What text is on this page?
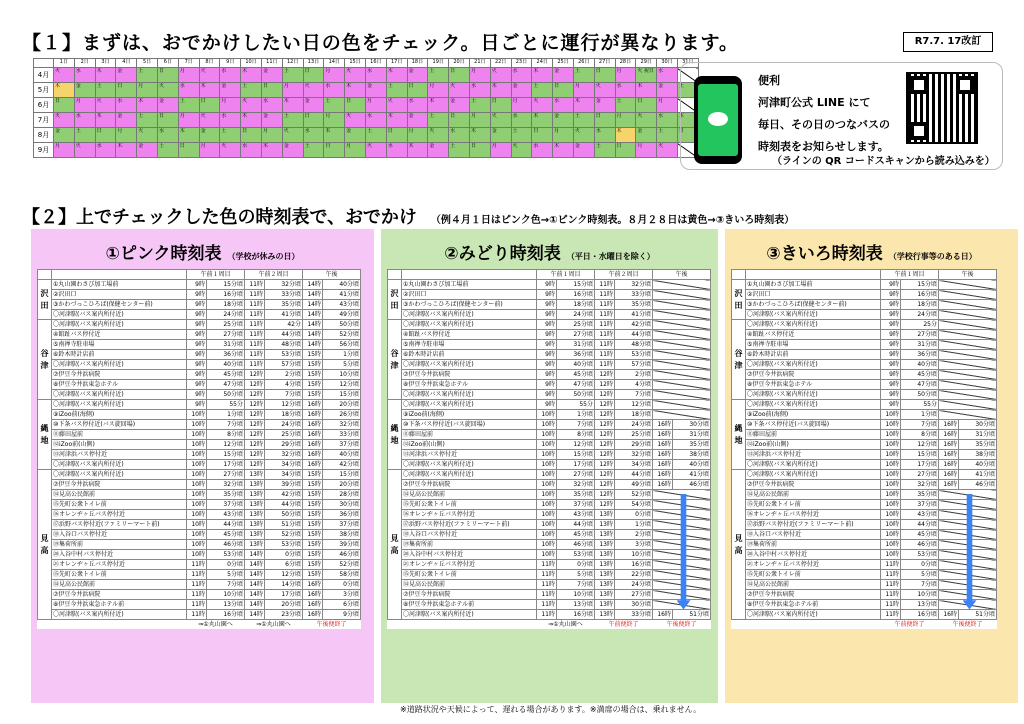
【１】まずは、おでかけしたい日の色をチェック。日ごとに運行が異なります。	R7.7. 17改訂
	1日	2日	3日	4日	5日	6日	7日	8日	9日	10日	11日	12日	13日	14日	15日	16日	17日	18日	19日	20日	21日	22日	23日	24日	25日	26日	27日	28日	29日	30日	31日
4月	火	水	木	金	土	日	月	火	水	木	金	土	日	月	火	水	木	金	土	日	月	火	水	木	金	土	日	月	火 祝日	水	
5月	木	金	土	日	月	火	水	木	金	土	日	月	火	水	木	金	土	日	月	火	水	木	金	土	日	月	火	水	木	金	土
6月	日	月	火	水	木	金	土	日	月	火	水	木	金	土	日	月	火	水	木	金	土	日	月	火	水	木	金	土	日	月	
7月	火	水	木	金	土	日	月	火	水	木	金	土	日	月	火	水	木	金	土	日	月	火	水	木	金	土	日	月	火	水	木
8月	金	土	日	月	火	水	木	金	土	日	月	火	水	木	金	土	日	月	火	水	木	金	土	日	月	火	水	木	金	土	日
9月	月	火	水	木	金	土	日	月	火	水	木	金	土	日	月	火	水	木	金	土	日	月	火	水	木	金	土	日	月	火	
便利
河津町公式 LINE にて
毎日、その日のつなバスの
時刻表をお知らせします。
（ラインの QR コードスキャンから読み込みを）
【２】上でチェックした色の時刻表で、おでかけ （例４月１日はピンク色→①ピンク時刻表。８月２８日は黄色→③きいろ時刻表）
①ピンク時刻表 （学校が休みの日）
		午前１周目		午前２周目		午後	
沢田	①丸山園わさび加工場前	9時	15分頃	11時	32分頃	14時	40分頃
	②沢田口	9時	16分頃	11時	33分頃	14時	41分頃
	③かわづっこひろば(保健センター前)	9時	18分頃	11時	35分頃	14時	43分頃
	〇河津駅(バス案内所付近)	9時	24分頃	11時	41分頃	14時	49分頃
谷津	〇河津駅(バス案内所付近)	9時	25分頃	11時	42分	14時	50分頃
	④館趾バス停付近	9時	27分頃	11時	44分頃	14時	52分頃
	⑤南禅寺駐車場	9時	31分頃	11時	48分頃	14時	56分頃
	⑥鈴木時計店前	9時	36分頃	11時	53分頃	15時	1分頃
	〇河津駅(バス案内所付近)	9時	40分頃	11時	57分頃	15時	5分頃
	⑦伊豆今井浜病院	9時	45分頃	12時	2分頃	15時	10分頃
	⑧伊豆今井浜東急ホテル	9時	47分頃	12時	4分頃	15時	12分頃
	〇河津駅(バス案内所付近)	9時	50分頃	12時	7分頃	15時	15分頃
縄地	〇河津駅(バス案内所付近)	9時	55分	12時	12分頃	16時	20分頃
	⑨iZoo前(海側)	10時	1分頃	12時	18分頃	16時	26分頃
	⑩下条バス停付近(バス旋回場)	10時	7分頃	12時	24分頃	16時	32分頃
	⑪藤田屋前	10時	8分頃	12時	25分頃	16時	33分頃
	⑫iZoo前(山側)	10時	12分頃	12時	29分頃	16時	37分頃
	⑬河津浜バス停付近	10時	15分頃	12時	32分頃	16時	40分頃
	〇河津駅(バス案内所付近)	10時	17分頃	12時	34分頃	16時	42分頃
見高	〇河津駅(バス案内所付近)	10時	27分頃	13時	34分頃	15時	15分頃
	⑦伊豆今井浜病院	10時	32分頃	13時	39分頃	15時	20分頃
	⑭見高公民館前	10時	35分頃	13時	42分頃	15時	28分頃
	⑮先町公衆トイレ前	10時	37分頃	13時	44分頃	15時	30分頃
	⑯オレンヂヶ丘バス停付近	10時	43分頃	13時	50分頃	15時	36分頃
	⑰浜野バス停付近(ファミリーマート前)	10時	44分頃	13時	51分頃	15時	37分頃
	⑱入谷口バス停付近	10時	45分頃	13時	52分頃	15時	38分頃
	⑲集荷所前	10時	46分頃	13時	53分頃	15時	39分頃
	⑳入谷中村バス停付近	10時	53分頃	14時	0分頃	15時	46分頃
	㉑オレンヂヶ丘バス停付近	11時	0分頃	14時	6分頃	15時	52分頃
	⑮先町公衆トイレ前	11時	5分頃	14時	12分頃	15時	58分頃
	⑭見高公民館前	11時	7分頃	14時	14分頃	16時	0分頃
	⑦伊豆今井浜病院	11時	10分頃	14時	17分頃	16時	3分頃
	⑧伊豆今井浜東急ホテル前	11時	13分頃	14時	20分頃	16時	6分頃
	〇河津駅(バス案内所付近)	11時	16分頃	14時	23分頃	16時	9分頃
		⇒①丸山園へ		⇒①丸山園へ		午後便終了	
②みどり時刻表 （平日・水曜日を除く）
		午前１周目		午前２周目		午後	
沢田	①丸山園わさび加工場前	9時	15分頃	11時	32分頃		
	②沢田口	9時	16分頃	11時	33分頃		
	③かわづっこひろば(保健センター前)	9時	18分頃	11時	35分頃		
	〇河津駅(バス案内所付近)	9時	24分頃	11時	41分頃		
谷津	〇河津駅(バス案内所付近)	9時	25分頃	11時	42分頃		
	④館趾バス停付近	9時	27分頃	11時	44分頃		
	⑤南禅寺駐車場	9時	31分頃	11時	48分頃		
	⑥鈴木時計店前	9時	36分頃	11時	53分頃		
	〇河津駅(バス案内所付近)	9時	40分頃	11時	57分頃		
	⑦伊豆今井浜病院	9時	45分頃	12時	2分頃		
	⑧伊豆今井浜東急ホテル	9時	47分頃	12時	4分頃		
	〇河津駅(バス案内所付近)	9時	50分頃	12時	7分頃		
縄地	〇河津駅(バス案内所付近)	9時	55分	12時	12分頃		
	⑨iZoo前(海側)	10時	1分頃	12時	18分頃		
	⑩下条バス停付近(バス旋回場)	10時	7分頃	12時	24分頃	16時	30分頃
	⑪藤田屋前	10時	8分頃	12時	25分頃	16時	31分頃
	⑫iZoo前(山側)	10時	12分頃	12時	29分頃	16時	35分頃
	⑬河津浜バス停付近	10時	15分頃	12時	32分頃	16時	38分頃
	〇河津駅(バス案内所付近)	10時	17分頃	12時	34分頃	16時	40分頃
見高	〇河津駅(バス案内所付近)	10時	27分頃	12時	44分頃	16時	41分頃
	⑦伊豆今井浜病院	10時	32分頃	12時	49分頃	16時	46分頃
	⑭見高公民館前	10時	35分頃	12時	52分頃		
	⑮先町公衆トイレ前	10時	37分頃	12時	54分頃		
	⑯オレンヂヶ丘バス停付近	10時	43分頃	13時	0分頃		
	⑰浜野バス停付近(ファミリーマート前)	10時	44分頃	13時	1分頃		
	⑱入谷口バス停付近	10時	45分頃	13時	2分頃		
	⑲集荷所前	10時	46分頃	13時	3分頃		
	⑳入谷中村バス停付近	10時	53分頃	13時	10分頃		
	㉑オレンヂヶ丘バス停付近	11時	0分頃	13時	16分頃		
	⑮先町公衆トイレ前	11時	5分頃	13時	22分頃		
	⑭見高公民館前	11時	7分頃	13時	24分頃		
	⑦伊豆今井浜病院	11時	10分頃	13時	27分頃		
	⑧伊豆今井浜東急ホテル前	11時	13分頃	13時	30分頃		
	〇河津駅(バス案内所付近)	11時	16分頃	13時	33分頃	16時	51分頃
		⇒①丸山園へ		午前便終了		午後便終了	
③きいろ時刻表 （学校行事等のある日）
		午前１周目		午後	
沢田	①丸山園わさび加工場前	9時	15分頃		
	②沢田口	9時	16分頃		
	③かわづっこひろば(保健センター前)	9時	18分頃		
	〇河津駅(バス案内所付近)	9時	24分頃		
谷津	〇河津駅(バス案内所付近)	9時	25分		
	④館趾バス停付近	9時	27分頃		
	⑤南禅寺駐車場	9時	31分頃		
	⑥鈴木時計店前	9時	36分頃		
	〇河津駅(バス案内所付近)	9時	40分頃		
	⑦伊豆今井浜病院	9時	45分頃		
	⑧伊豆今井浜東急ホテル	9時	47分頃		
	〇河津駅(バス案内所付近)	9時	50分頃		
縄地	〇河津駅(バス案内所付近)	9時	55分		
	⑨iZoo前(海側)	10時	1分頃		
	⑩下条バス停付近(バス旋回場)	10時	7分頃	16時	30分頃
	⑪藤田屋前	10時	8分頃	16時	31分頃
	⑫iZoo前(山側)	10時	12分頃	16時	35分頃
	⑬河津浜バス停付近	10時	15分頃	16時	38分頃
	〇河津駅(バス案内所付近)	10時	17分頃	16時	40分頃
見高	〇河津駅(バス案内所付近)	10時	27分頃	16時	41分頃
	⑦伊豆今井浜病院	10時	32分頃	16時	46分頃
	⑭見高公民館前	10時	35分頃		
	⑮先町公衆トイレ前	10時	37分頃		
	⑯オレンヂヶ丘バス停付近	10時	43分頃		
	⑰浜野バス停付近(ファミリーマート前)	10時	44分頃		
	⑱入谷口バス停付近	10時	45分頃		
	⑲集荷所前	10時	46分頃		
	⑳入谷中村バス停付近	10時	53分頃		
	㉑オレンヂヶ丘バス停付近	11時	0分頃		
	⑮先町公衆トイレ前	11時	5分頃		
	⑭見高公民館前	11時	7分頃		
	⑦伊豆今井浜病院	11時	10分頃		
	⑧伊豆今井浜東急ホテル前	11時	13分頃		
	〇河津駅(バス案内所付近)	11時	16分頃	16時	51分頃
		午前便終了		午後便終了	
※道路状況や天候によって、遅れる場合があります。※満席の場合は、乗れません。
